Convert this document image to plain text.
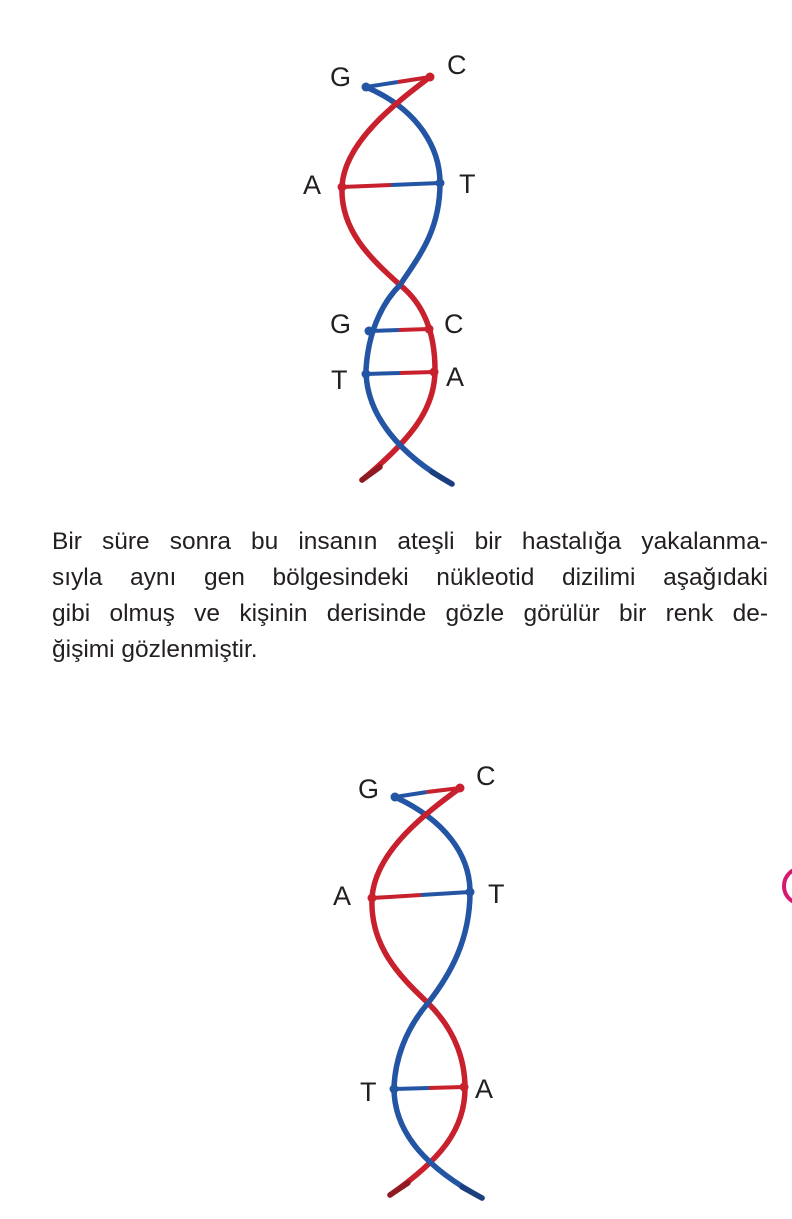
G	C
A	T
G	C
T	A

Bir süre sonra bu insanın ateşli bir hastalığa yakalanma-
sıyla aynı gen bölgesindeki nükleotid dizilimi aşağıdaki
gibi olmuş ve kişinin derisinde gözle görülür bir renk de-
ğişimi gözlenmiştir.

G	C
A	T
T	A
